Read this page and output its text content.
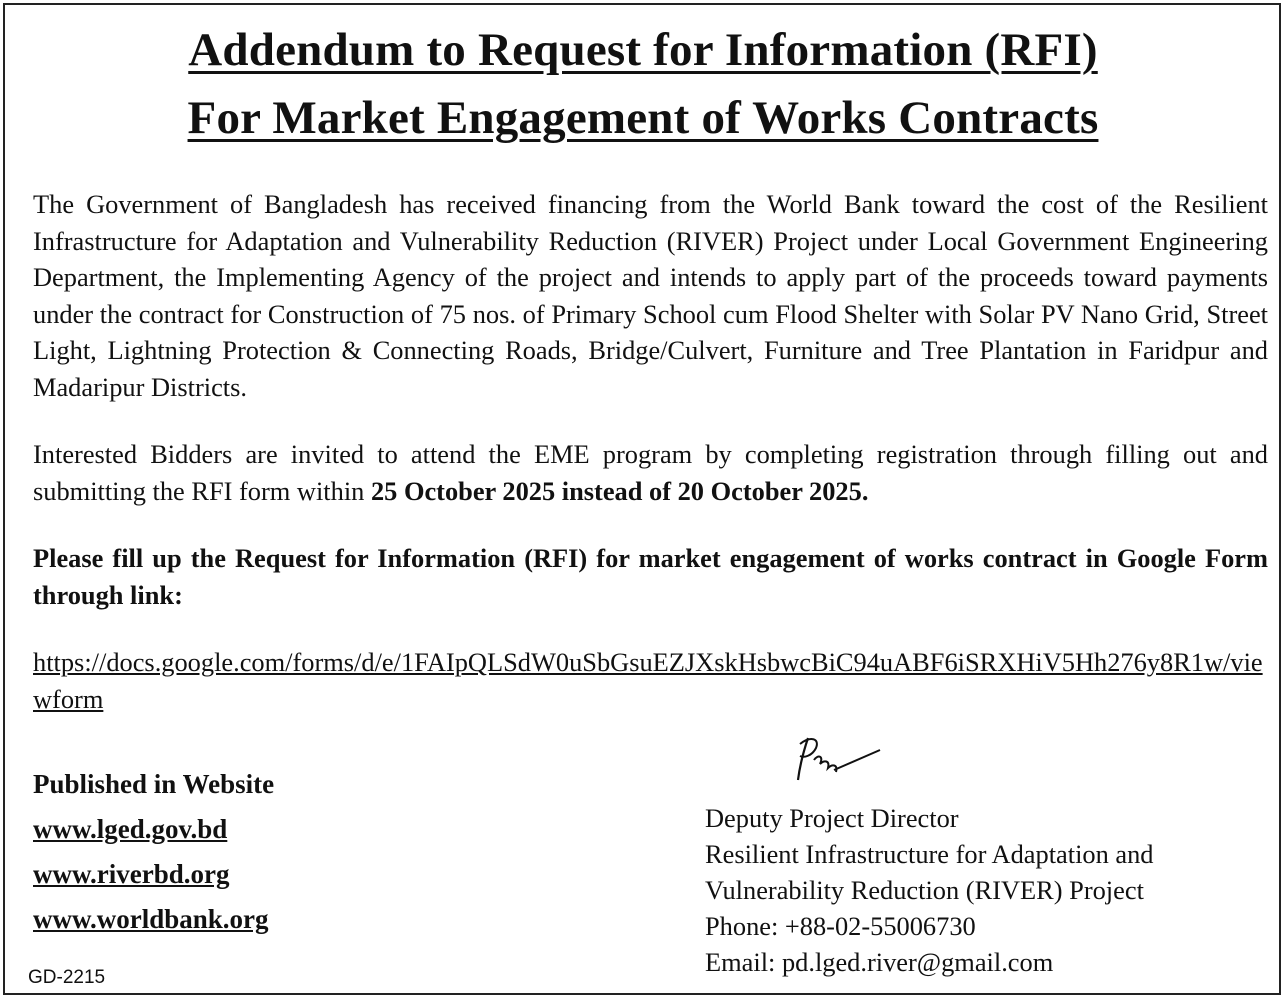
Addendum to Request for Information (RFI)
For Market Engagement of Works Contracts
The Government of Bangladesh has received financing from the World Bank toward the cost of the Resilient Infrastructure for Adaptation and Vulnerability Reduction (RIVER) Project under Local Government Engineering Department, the Implementing Agency of the project and intends to apply part of the proceeds toward payments under the contract for Construction of 75 nos. of Primary School cum Flood Shelter with Solar PV Nano Grid, Street Light, Lightning Protection & Connecting Roads, Bridge/Culvert, Furniture and Tree Plantation in Faridpur and Madaripur Districts.
Interested Bidders are invited to attend the EME program by completing registration through filling out and submitting the RFI form within 25 October 2025 instead of 20 October 2025.
Please fill up the Request for Information (RFI) for market engagement of works contract in Google Form through link:
https://docs.google.com/forms/d/e/1FAIpQLSdW0uSbGsuEZJXskHsbwcBiC94uABF6iSRXHiV5Hh276y8R1w/viewform
Published in Website
www.lged.gov.bd
www.riverbd.org
www.worldbank.org
GD-2215
Deputy Project Director
Resilient Infrastructure for Adaptation and
Vulnerability Reduction (RIVER) Project
Phone: +88-02-55006730
Email: pd.lged.river@gmail.com
